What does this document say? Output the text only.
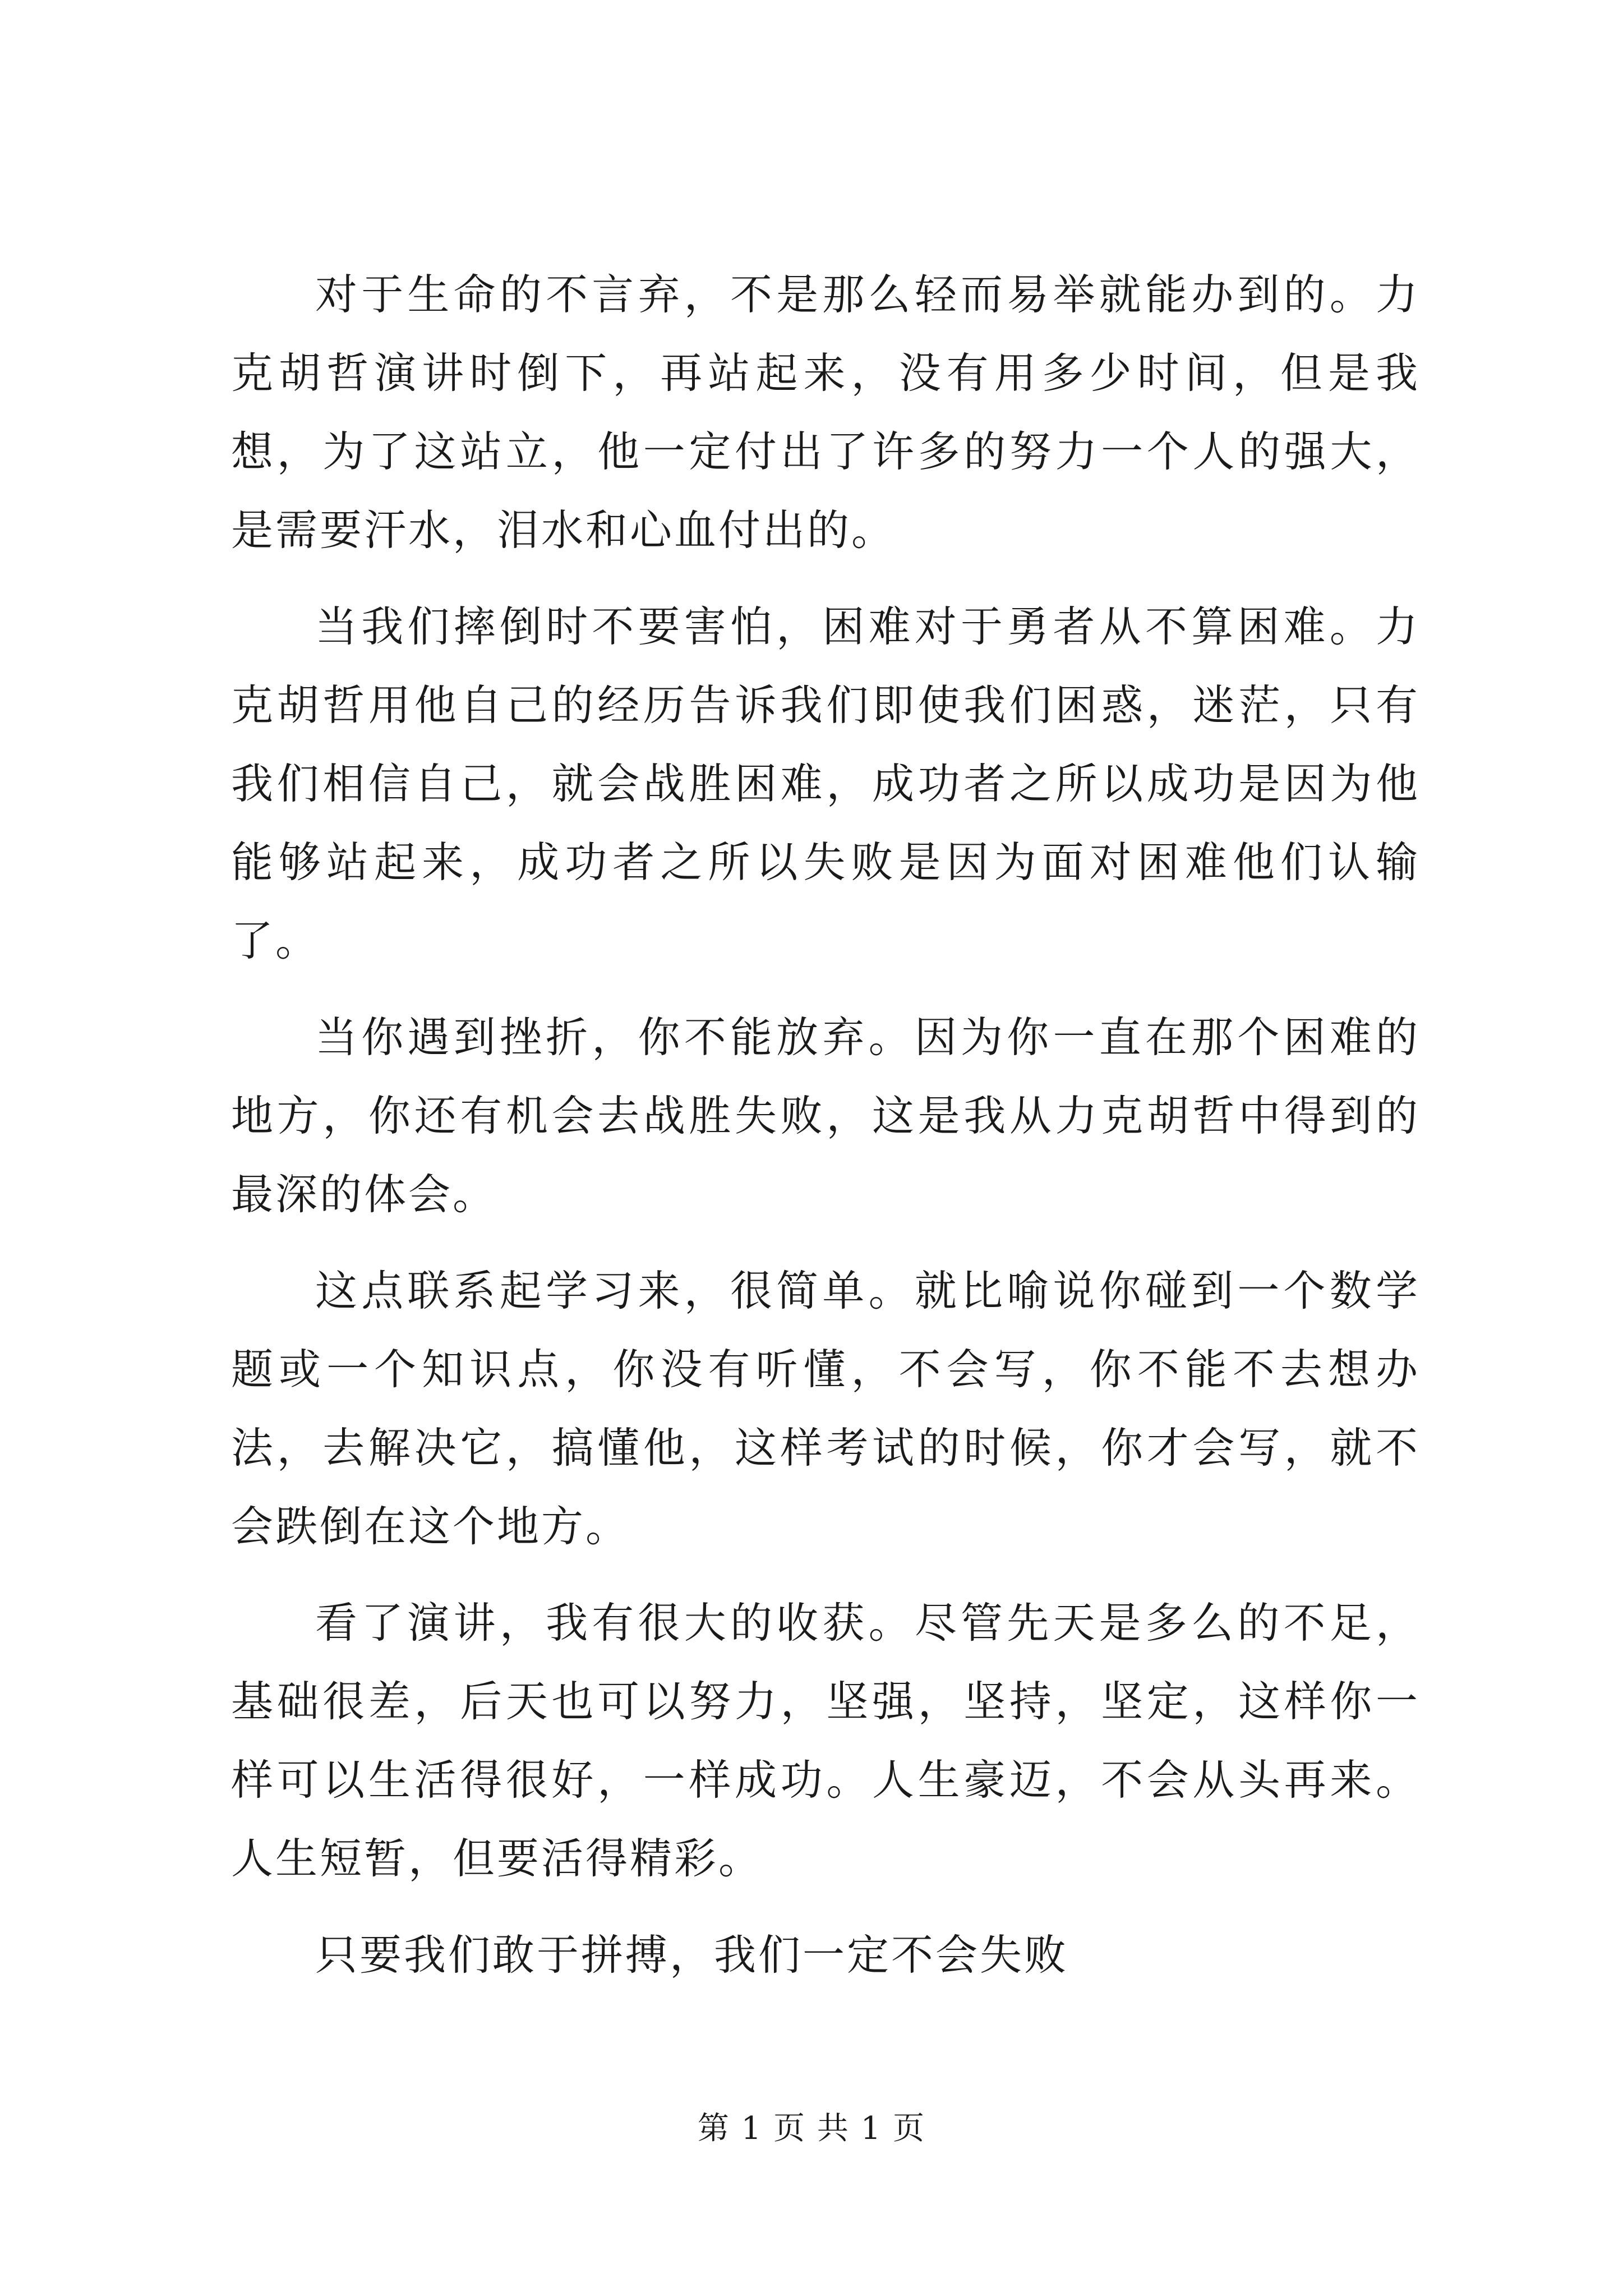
对于生命的不言弃，不是那么轻而易举就能办到的。力克胡哲演讲时倒下，再站起来，没有用多少时间，但是我想，为了这站立，他一定付出了许多的努力一个人的强大，是需要汗水，泪水和心血付出的。

当我们摔倒时不要害怕，困难对于勇者从不算困难。力克胡哲用他自己的经历告诉我们即使我们困惑，迷茫，只有我们相信自己，就会战胜困难，成功者之所以成功是因为他能够站起来，成功者之所以失败是因为面对困难他们认输了。

当你遇到挫折，你不能放弃。因为你一直在那个困难的地方，你还有机会去战胜失败，这是我从力克胡哲中得到的最深的体会。

这点联系起学习来，很简单。就比喻说你碰到一个数学题或一个知识点，你没有听懂，不会写，你不能不去想办法，去解决它，搞懂他，这样考试的时候，你才会写，就不会跌倒在这个地方。

看了演讲，我有很大的收获。尽管先天是多么的不足，基础很差，后天也可以努力，坚强，坚持，坚定，这样你一样可以生活得很好，一样成功。人生豪迈，不会从头再来。人生短暂，但要活得精彩。

只要我们敢于拼搏，我们一定不会失败

第 1 页 共 1 页
